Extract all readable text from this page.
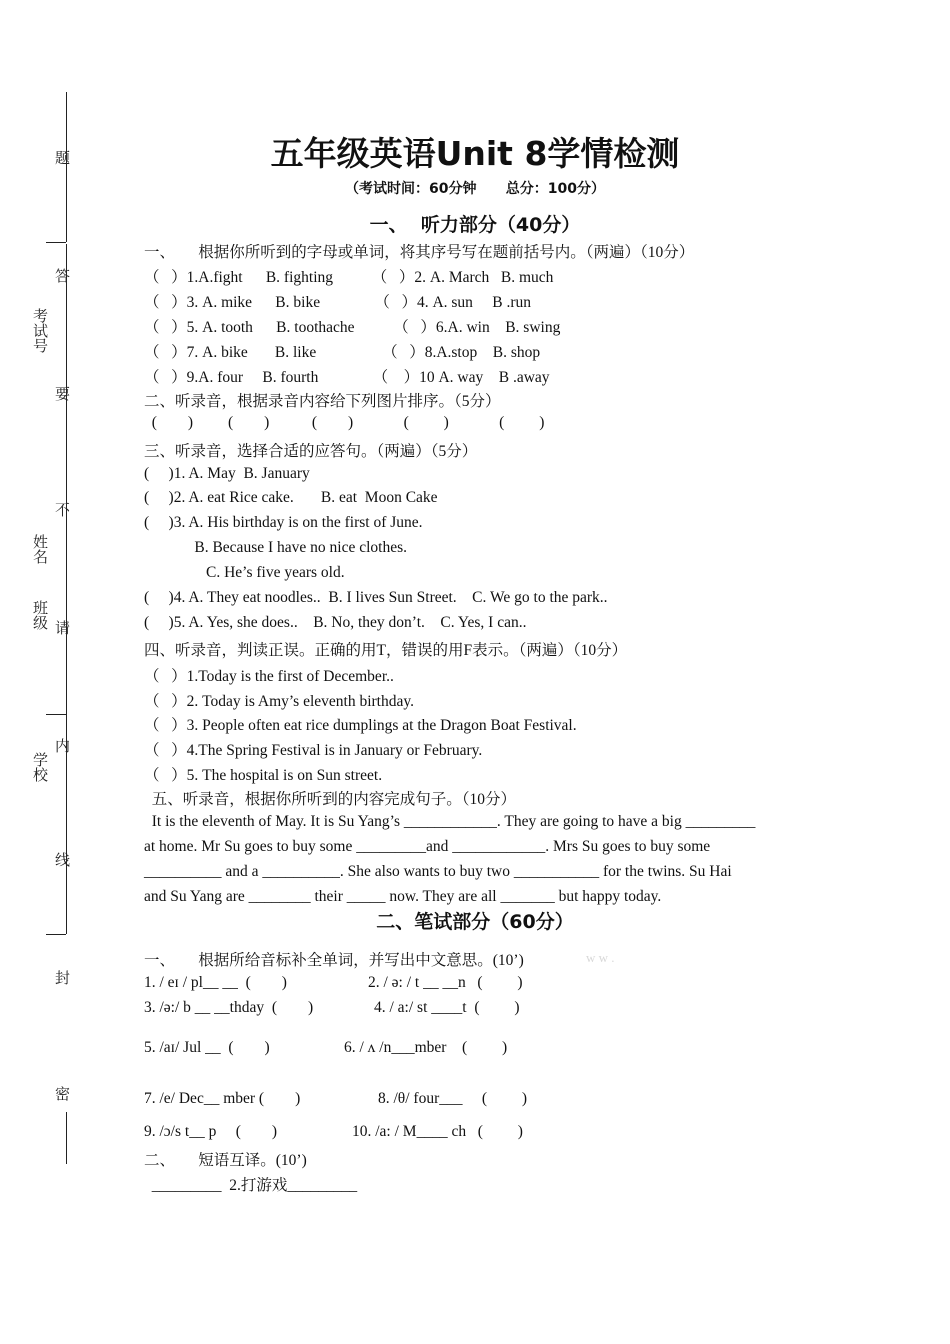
题
答
考试号
要
不
姓名
班级 请
内
学校
线
封
密
五年级英语Unit 8学情检测
（考试时间：60分钟      总分：100分）
一、  听力部分（40分）
一、      根据你所听到的字母或单词，将其序号写在题前括号内。（两遍）（10分）
（   ）1.A.fight      B. fighting          （   ）2. A. March   B. much
（   ）3. A. mike      B. bike              （   ）4. A. sun     B .run
（   ）5. A. tooth      B. toothache          （   ）6.A. win    B. swing
（   ）7. A. bike       B. like                 （   ）8.A.stop    B. shop
（   ）9.A. four     B. fourth              （    ）10 A. way    B .away
二、听录音，根据录音内容给下列图片排序。（5分）
(        )         (        )           (        )             (         )             (         )
三、听录音，选择合适的应答句。（两遍）（5分）
(     )1. A. May  B. January
(     )2. A. eat Rice cake.       B. eat  Moon Cake
(     )3. A. His birthday is on the first of June.
B. Because I have no nice clothes.
C. He’s five years old.
(     )4. A. They eat noodles..  B. I lives Sun Street.    C. We go to the park..
(     )5. A. Yes, she does..    B. No, they don’t.    C. Yes, I can..
四、听录音，判读正误。正确的用T，错误的用F表示。（两遍）（10分）
（   ）1.Today is the first of December..
（   ）2. Today is Amy’s eleventh birthday.
（   ）3. People often eat rice dumplings at the Dragon Boat Festival.
（   ）4.The Spring Festival is in January or February.
（   ）5. The hospital is on Sun street.
五、听录音，根据你所听到的内容完成句子。（10分）
It is the eleventh of May. It is Su Yang’s ____________. They are going to have a big _________
at home. Mr Su goes to buy some _________and ____________. Mrs Su goes to buy some
__________ and a __________. She also wants to buy two ___________ for the twins. Su Hai
and Su Yang are ________ their _____ now. They are all _______ but happy today.
二、笔试部分（60分）
一、      根据所给音标补全单词，并写出中文意思。(10’)	w w .
1. / eɪ / pl__ __  (        )	2. / ə: / t __ __n   (         )
3. /ə:/ b __ __thday  (        )	4. / a:/ st ____t  (         )
5. /aɪ/ Jul __  (        )	6. / ʌ /n___mber    (         )
7. /e/ Dec__ mber (        )	8. /θ/ four___     (         )
9. /ɔ/s t__ p     (        )	10. /a: / M____ ch   (         )
二、      短语互译。(10’)
_________  2.打游戏_________
